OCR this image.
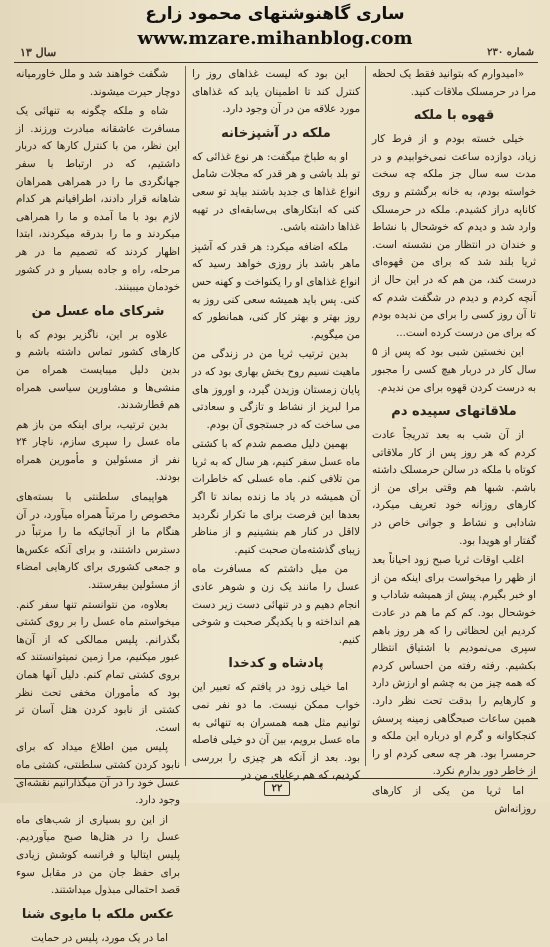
ساری گاهنوشتهای محمود زارع
www.mzare.mihanblog.com
شماره ۲۳۰
سال ۱۳

«امیدوارم که بتوانید فقط یک لحظه مرا در حرمسلک ملاقات کنید.

قهوه با ملکه

خیلی خسته بودم و از فرط کار زیاد، دوازده ساعت نمی‌خوابیدم و در مدت سه سال جز ملکه چه سخت خواسته بودم، به خانه برگشتم و روی کاناپه دراز کشیدم. ملکه در حرمسلک وارد شد و دیدم که خوشحال با نشاط و خندان در انتظار من نشسته است. ثریا بلند شد که برای من قهوه‌ای درست کند، من هم که در این حال از آنچه کردم و دیدم در شگفت شدم که تا آن روز کسی را برای من ندیده بودم که برای من درست کرده است...

این نخستین شبی بود که پس از ۵ سال کار در دربار هیچ کسی را مجبور به درست کردن قهوه برای من ندیدم.

ملاقاتهای سپیده دم

از آن شب به بعد تدریجاً عادت کردم که هر روز پس از کار ملاقاتی کوتاه با ملکه در سالن حرمسلک داشته باشم. شبها هم وقتی برای من از کارهای روزانه خود تعریف میکرد، شادابی و نشاط و جوانی خاص در گفتار او هویدا بود.

اغلب اوقات ثریا صبح زود احیاناً بعد از ظهر را میخواست برای اینکه من از او خبر بگیرم. پیش از همیشه شاداب و خوشحال بود. کم کم ما هم در عادت کردیم این لحظاتی را که هر روز باهم سپری می‌نمودیم با اشتیاق انتظار بکشیم. رفته رفته من احساس کردم که همه چیز من به چشم او ارزش دارد و کارهایم را بدقت تحت نظر دارد. همین ساعات صبحگاهی زمینه پرسش کنجکاوانه و گرم او درباره این ملکه و حرمسرا بود. هر چه سعی کردم او را از خاطر دور بدارم نکرد.

اما ثریا من یکی از کارهای روزانه‌اش

این بود که لیست غذاهای روز را کنترل کند تا اطمینان یابد که غذاهای مورد علاقه من در آن وجود دارد.

ملکه در آشپزخانه

او به طباخ میگفت: هر نوع غذائی که تو بلد باشی و هر قدر که مجلات شامل انواع غذاها ی جدید باشند بیاید تو سعی کنی که ابتکارهای بی‌سابقه‌ای در تهیه غذاها داشته باشی.

ملکه اضافه میکرد: هر قدر که آشپز ماهر باشد باز روزی خواهد رسید که انواع غذاهای او را یکنواخت و کهنه حس کنی. پس باید همیشه سعی کنی روز به روز بهتر و بهتر کار کنی، همانطور که من میگویم.

بدین ترتیب ثریا من در زندگی من ماهیت نسیم روح بخش بهاری بود که در پایان زمستان وزیدن گیرد، و اوروز های مرا لبریز از نشاط و تازگی و سعادتی می ساخت که در جستجوی آن بودم.

بهمین دلیل مصمم شدم که با کشتی ماه عسل سفر کنیم، هر سال که به ثریا من تلافی کنم. ماه عسلی که خاطرات آن همیشه در یاد ما زنده بماند تا اگر بعدها این فرصت برای ما تکرار نگردید لااقل در کنار هم بنشینیم و از مناظر زیبای گذشته‌مان صحبت کنیم.

من میل داشتم که مسافرت ماه عسل را مانند یک زن و شوهر عادی انجام دهیم و در تنهائی دست زیر دست هم انداخته و با یکدیگر صحبت و شوخی کنیم.

پادشاه و کدخدا

اما خیلی زود در یافتم که تعبیر این خواب ممکن نیست. ما دو نفر نمی توانیم مثل همه همسران به تنهائی به ماه عسل برویم، بین آن دو خیلی فاصله بود. بعد از آنکه هر چیزی را بررسی کردیم، که هم رعایای من در

شگفت خواهند شد و ملل خاورمیانه دوچار حیرت میشوند.

شاه و ملکه چگونه به تنهائی یک مسافرت عاشقانه مبادرت ورزند. از این نظر، من با کنترل کارها که دربار داشتیم، که در ارتباط با سفر جهانگردی ما را در همراهی همراهان شاهانه قرار دادند، اطرافیانم هر کدام لازم بود با ما آمده و ما را همراهی میکردند و ما را بدرقه میکردند، ابتدا اظهار کردند که تصمیم ما در هر مرحله، راه و جاده بسیار و در کشور خودمان میبینند.

شرکای ماه عسل من

علاوه بر این، ناگزیر بودم که با کارهای کشور تماس داشته باشم و بدین دلیل میبایست همراه من منشی‌ها و مشاورین سیاسی همراه هم قطارشدند.

بدین ترتیب، برای اینکه من باز هم ماه عسل را سپری سازم، ناچار ۲۴ نفر از مسئولین و مأمورین همراه بودند.

هواپیمای سلطنتی با بسته‌های مخصوص را مرتباً همراه میآورد، در آن هنگام ما از آنجائیکه ما را مرتباً در دسترس داشتند، و برای آنکه عکس‌ها و جمعی کشوری برای کارهایی امضاء از مسئولین بیفرستند.

بعلاوه، من نتوانستم تنها سفر کنم. میخواستم ماه عسل را بر روی کشتی بگذرانم. پلیس ممالکی که از آن‌ها عبور میکنیم، مرا زمین نمیتوانستند که بروی کشتی تمام کنم. دلیل آنها همان بود که مأموران مخفی تحت نظر کشتی از نابود کردن هتل آسان تر است.

پلیس مین اطلاع میداد که برای نابود کردن کشتی سلطنتی، کشتی ماه عسل خود را در آن میگذارانیم نقشه‌ای وجود دارد.

از این رو بسیاری از شب‌های ماه عسل را در هتل‌ها صبح میآوردیم. پلیس ایتالیا و فرانسه کوشش زیادی برای حفظ جان من در مقابل سوء قصد احتمالی مبذول میداشتند.

عکس ملکه با مایوی شنا

اما در یک مورد، پلیس در حمایت

۲۲
